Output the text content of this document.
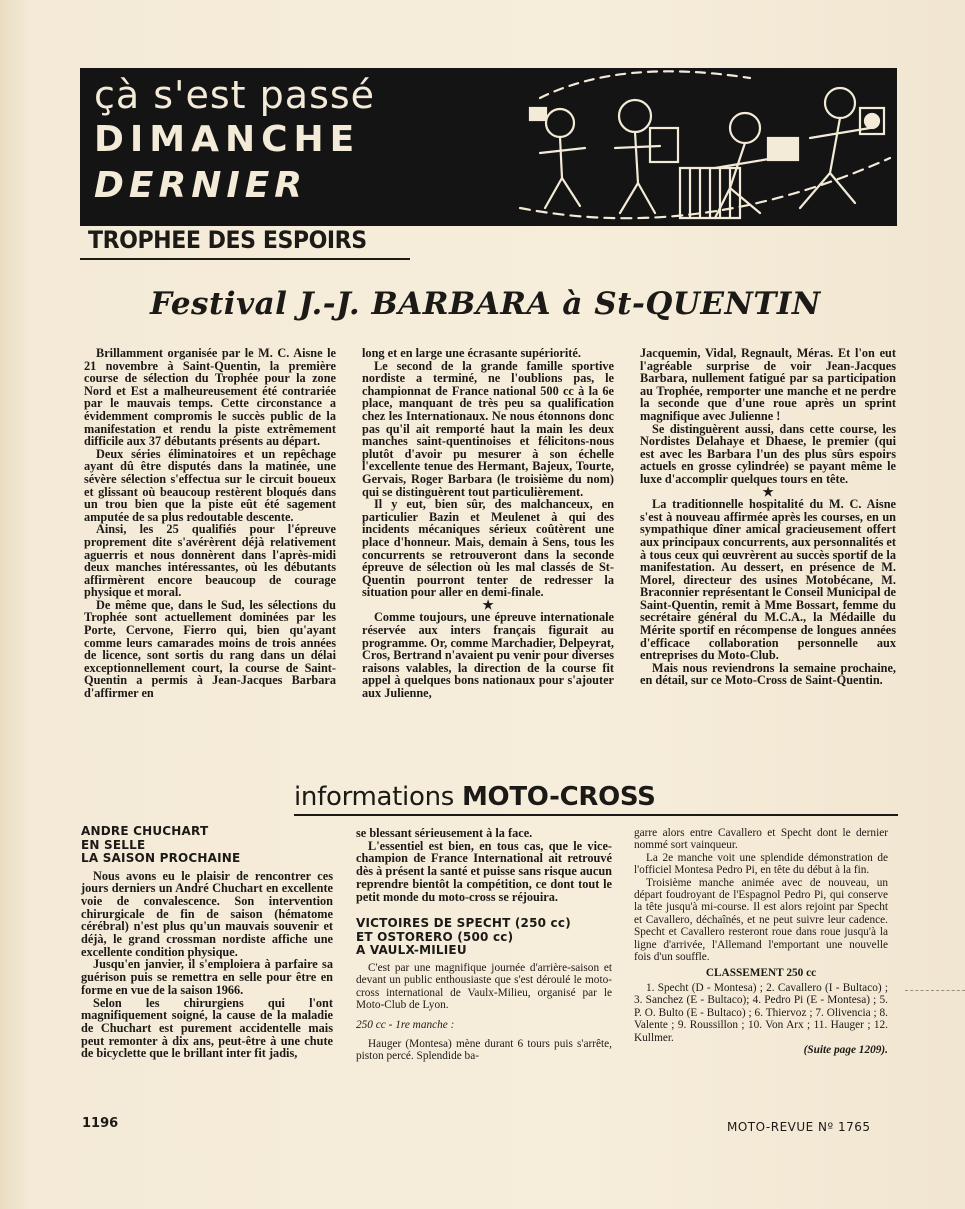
çà s'est passé
DIMANCHE
DERNIER
TROPHEE DES ESPOIRS
Festival J.-J. BARBARA à St-QUENTIN

Brillamment organisée par le M. C. Aisne le 21 novembre à Saint-Quentin, la première course de sélection du Trophée pour la zone Nord et Est a malheureusement été contrariée par le mauvais temps. Cette circonstance a évidemment compromis le succès public de la manifestation et rendu la piste extrêmement difficile aux 37 débutants présents au départ.

Deux séries éliminatoires et un repêchage ayant dû être disputés dans la matinée, une sévère sélection s'effectua sur le circuit boueux et glissant où beaucoup restèrent bloqués dans un trou bien que la piste eût été sagement amputée de sa plus redoutable descente.

Ainsi, les 25 qualifiés pour l'épreuve proprement dite s'avérèrent déjà relativement aguerris et nous donnèrent dans l'après-midi deux manches intéressantes, où les débutants affirmèrent encore beaucoup de courage physique et moral.

De même que, dans le Sud, les sélections du Trophée sont actuellement dominées par les Porte, Cervone, Fierro qui, bien qu'ayant comme leurs camarades moins de trois années de licence, sont sortis du rang dans un délai exceptionnellement court, la course de Saint-Quentin a permis à Jean-Jacques Barbara d'affirmer en

long et en large une écrasante supériorité.

Le second de la grande famille sportive nordiste a terminé, ne l'oublions pas, le championnat de France national 500 cc à la 6e place, manquant de très peu sa qualification chez les Internationaux. Ne nous étonnons donc pas qu'il ait remporté haut la main les deux manches saint-quentinoises et félicitons-nous plutôt d'avoir pu mesurer à son échelle l'excellente tenue des Hermant, Bajeux, Tourte, Gervais, Roger Barbara (le troisième du nom) qui se distinguèrent tout particulièrement.

Il y eut, bien sûr, des malchanceux, en particulier Bazin et Meulenet à qui des incidents mécaniques sérieux coûtèrent une place d'honneur. Mais, demain à Sens, tous les concurrents se retrouveront dans la seconde épreuve de sélection où les mal classés de St-Quentin pourront tenter de redresser la situation pour aller en demi-finale.

★

Comme toujours, une épreuve internationale réservée aux inters français figurait au programme. Or, comme Marchadier, Delpeyrat, Cros, Bertrand n'avaient pu venir pour diverses raisons valables, la direction de la course fit appel à quelques bons nationaux pour s'ajouter aux Julienne,

Jacquemin, Vidal, Regnault, Méras. Et l'on eut l'agréable surprise de voir Jean-Jacques Barbara, nullement fatigué par sa participation au Trophée, remporter une manche et ne perdre la seconde que d'une roue après un sprint magnifique avec Julienne !

Se distinguèrent aussi, dans cette course, les Nordistes Delahaye et Dhaese, le premier (qui est avec les Barbara l'un des plus sûrs espoirs actuels en grosse cylindrée) se payant même le luxe d'accomplir quelques tours en tête.

★

La traditionnelle hospitalité du M. C. Aisne s'est à nouveau affirmée après les courses, en un sympathique dîner amical gracieusement offert aux principaux concurrents, aux personnalités et à tous ceux qui œuvrèrent au succès sportif de la manifestation. Au dessert, en présence de M. Morel, directeur des usines Motobécane, M. Braconnier représentant le Conseil Municipal de Saint-Quentin, remit à Mme Bossart, femme du secrétaire général du M.C.A., la Médaille du Mérite sportif en récompense de longues années d'efficace collaboration personnelle aux entreprises du Moto-Club.

Mais nous reviendrons la semaine prochaine, en détail, sur ce Moto-Cross de Saint-Quentin.

informations MOTO-CROSS
ANDRE CHUCHART
EN SELLE
LA SAISON PROCHAINE

Nous avons eu le plaisir de rencontrer ces jours derniers un André Chuchart en excellente voie de convalescence. Son intervention chirurgicale de fin de saison (hématome cérébral) n'est plus qu'un mauvais souvenir et déjà, le grand crossman nordiste affiche une excellente condition physique.

Jusqu'en janvier, il s'emploiera à parfaire sa guérison puis se remettra en selle pour être en forme en vue de la saison 1966.

Selon les chirurgiens qui l'ont magnifiquement soigné, la cause de la maladie de Chuchart est purement accidentelle mais peut remonter à dix ans, peut-être à une chute de bicyclette que le brillant inter fit jadis,

se blessant sérieusement à la face.

L'essentiel est bien, en tous cas, que le vice-champion de France International ait retrouvé dès à présent la santé et puisse sans risque aucun reprendre bientôt la compétition, ce dont tout le petit monde du moto-cross se réjouira.

VICTOIRES DE SPECHT (250 cc)
ET OSTORERO (500 cc)
A VAULX-MILIEU

C'est par une magnifique journée d'arrière-saison et devant un public enthousiaste que s'est déroulé le moto-cross international de Vaulx-Milieu, organisé par le Moto-Club de Lyon.

250 cc - 1re manche :

Hauger (Montesa) mène durant 6 tours puis s'arrête, piston percé. Splendide ba-

garre alors entre Cavallero et Specht dont le dernier nommé sort vainqueur.

La 2e manche voit une splendide démonstration de l'officiel Montesa Pedro Pi, en tête du début à la fin.

Troisième manche animée avec de nouveau, un départ foudroyant de l'Espagnol Pedro Pi, qui conserve la tête jusqu'à mi-course. Il est alors rejoint par Specht et Cavallero, déchaînés, et ne peut suivre leur cadence. Specht et Cavallero resteront roue dans roue jusqu'à la ligne d'arrivée, l'Allemand l'emportant une nouvelle fois d'un souffle.

CLASSEMENT 250 cc

1. Specht (D - Montesa) ; 2. Cavallero (I - Bultaco) ; 3. Sanchez (E - Bultaco); 4. Pedro Pi (E - Montesa) ; 5. P. O. Bulto (E - Bultaco) ; 6. Thiervoz ; 7. Olivencia ; 8. Valente ; 9. Roussillon ; 10. Von Arx ; 11. Hauger ; 12. Kullmer.

(Suite page 1209).

1196	MOTO-REVUE Nº 1765
